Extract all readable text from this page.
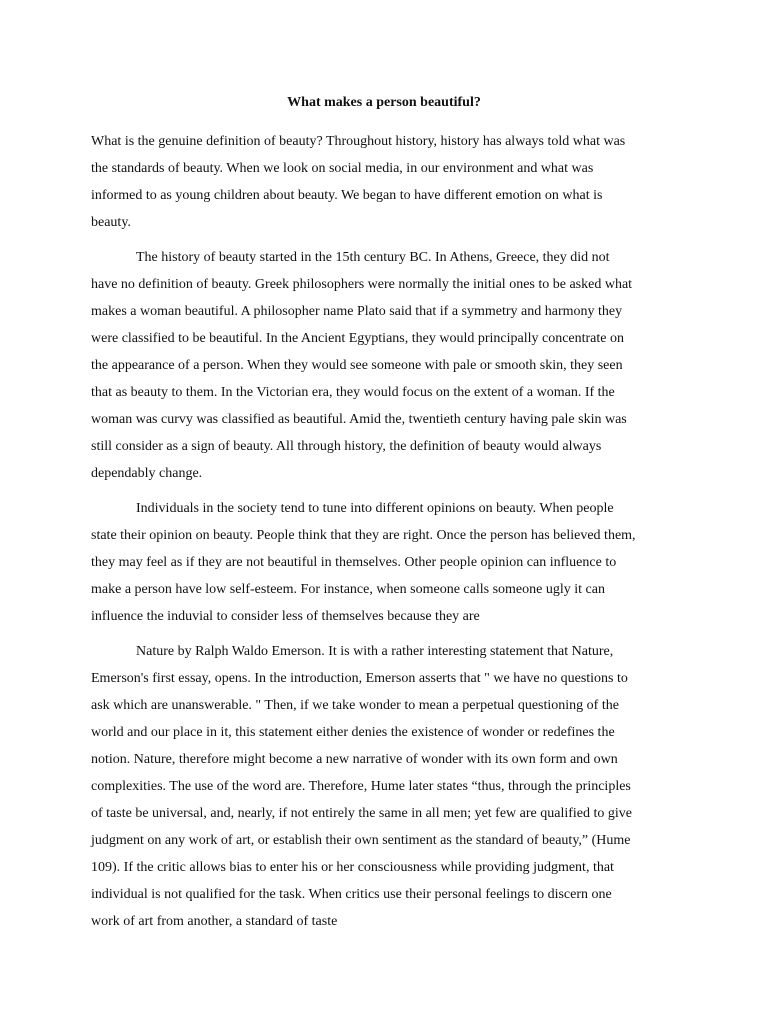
What makes a person beautiful?
What is the genuine definition of beauty? Throughout history, history has always told what was
the standards of beauty. When we look on social media, in our environment and what was
informed to as young children about beauty. We began to have different emotion on what is
beauty.
The history of beauty started in the 15th century BC. In Athens, Greece, they did not
have no definition of beauty. Greek philosophers were normally the initial ones to be asked what
makes a woman beautiful. A philosopher name Plato said that if a symmetry and harmony they
were classified to be beautiful. In the Ancient Egyptians, they would principally concentrate on
the appearance of a person. When they would see someone with pale or smooth skin, they seen
that as beauty to them. In the Victorian era, they would focus on the extent of a woman. If the
woman was curvy was classified as beautiful. Amid the, twentieth century having pale skin was
still consider as a sign of beauty. All through history, the definition of beauty would always
dependably change.
Individuals in the society tend to tune into different opinions on beauty. When people
state their opinion on beauty. People think that they are right. Once the person has believed them,
they may feel as if they are not beautiful in themselves. Other people opinion can influence to
make a person have low self-esteem. For instance, when someone calls someone ugly it can
influence the induvial to consider less of themselves because they are
Nature by Ralph Waldo Emerson. It is with a rather interesting statement that Nature,
Emerson's first essay, opens. In the introduction, Emerson asserts that " we have no questions to
ask which are unanswerable. " Then, if we take wonder to mean a perpetual questioning of the
world and our place in it, this statement either denies the existence of wonder or redefines the
notion. Nature, therefore might become a new narrative of wonder with its own form and own
complexities. The use of the word are. Therefore, Hume later states “thus, through the principles
of taste be universal, and, nearly, if not entirely the same in all men; yet few are qualified to give
judgment on any work of art, or establish their own sentiment as the standard of beauty,” (Hume
109). If the critic allows bias to enter his or her consciousness while providing judgment, that
individual is not qualified for the task. When critics use their personal feelings to discern one
work of art from another, a standard of taste
